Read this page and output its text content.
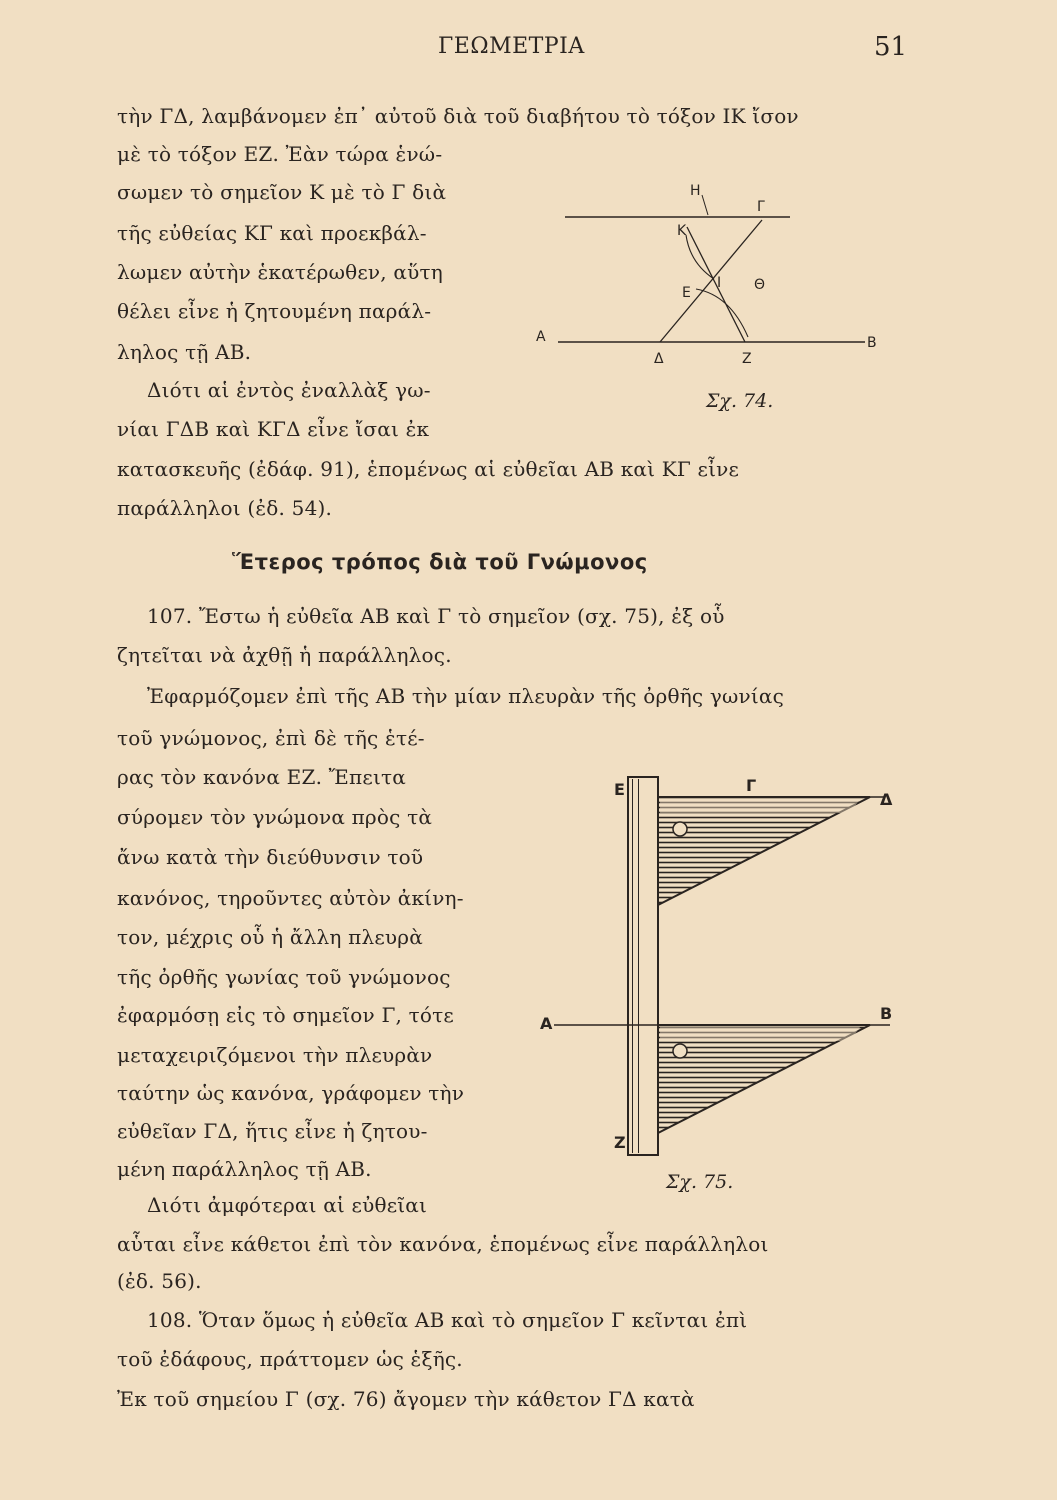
ΓΕΩΜΕΤΡΙΑ	51
τὴν ΓΔ, λαμβάνομεν ἐπ᾽ αὐτοῦ διὰ τοῦ διαβήτου τὸ τόξον ΙΚ ἴσον
μὲ τὸ τόξον ΕΖ. Ἐὰν τώρα ἑνώ-
σωμεν τὸ σημεῖον Κ μὲ τὸ Γ διὰ
τῆς εὐθείας ΚΓ καὶ προεκβάλ-
λωμεν αὐτὴν ἑκατέρωθεν, αὕτη
θέλει εἶνε ἡ ζητουμένη παράλ-
ληλος τῇ ΑΒ.
Διότι αἱ ἐντὸς ἐναλλὰξ γω-
νίαι ΓΔΒ καὶ ΚΓΔ εἶνε ἴσαι ἐκ
κατασκευῆς (ἐδάφ. 91), ἑπομένως αἱ εὐθεῖαι ΑΒ καὶ ΚΓ εἶνε
παράλληλοι (ἐδ. 54).
Ἕτερος τρόπος διὰ τοῦ Γνώμονος
107. Ἔστω ἡ εὐθεῖα ΑΒ καὶ Γ τὸ σημεῖον (σχ. 75), ἐξ οὗ
ζητεῖται νὰ ἀχθῇ ἡ παράλληλος.
Ἐφαρμόζομεν ἐπὶ τῆς ΑΒ τὴν μίαν πλευρὰν τῆς ὀρθῆς γωνίας
τοῦ γνώμονος, ἐπὶ δὲ τῆς ἑτέ-
ρας τὸν κανόνα ΕΖ. Ἔπειτα
σύρομεν τὸν γνώμονα πρὸς τὰ
ἄνω κατὰ τὴν διεύθυνσιν τοῦ
κανόνος, τηροῦντες αὐτὸν ἀκίνη-
τον, μέχρις οὗ ἡ ἄλλη πλευρὰ
τῆς ὀρθῆς γωνίας τοῦ γνώμονος
ἐφαρμόσῃ εἰς τὸ σημεῖον Γ, τότε
μεταχειριζόμενοι τὴν πλευρὰν
ταύτην ὡς κανόνα, γράφομεν τὴν
εὐθεῖαν ΓΔ, ἥτις εἶνε ἡ ζητου-
μένη παράλληλος τῇ ΑΒ.
Διότι ἀμφότεραι αἱ εὐθεῖαι
αὗται εἶνε κάθετοι ἐπὶ τὸν κανόνα, ἑπομένως εἶνε παράλληλοι
(ἐδ. 56).
108. Ὅταν ὅμως ἡ εὐθεῖα ΑΒ καὶ τὸ σημεῖον Γ κεῖνται ἐπὶ
τοῦ ἐδάφους, πράττομεν ὡς ἑξῆς.
Ἐκ τοῦ σημείου Γ (σχ. 76) ἄγομεν τὴν κάθετον ΓΔ κατὰ
Η
Γ
Κ
Ε
Ι Θ
Α
Δ	Ζ
Β
Σχ. 74.
Ε	Γ
Δ
Α
Β
Ζ
Σχ. 75.
